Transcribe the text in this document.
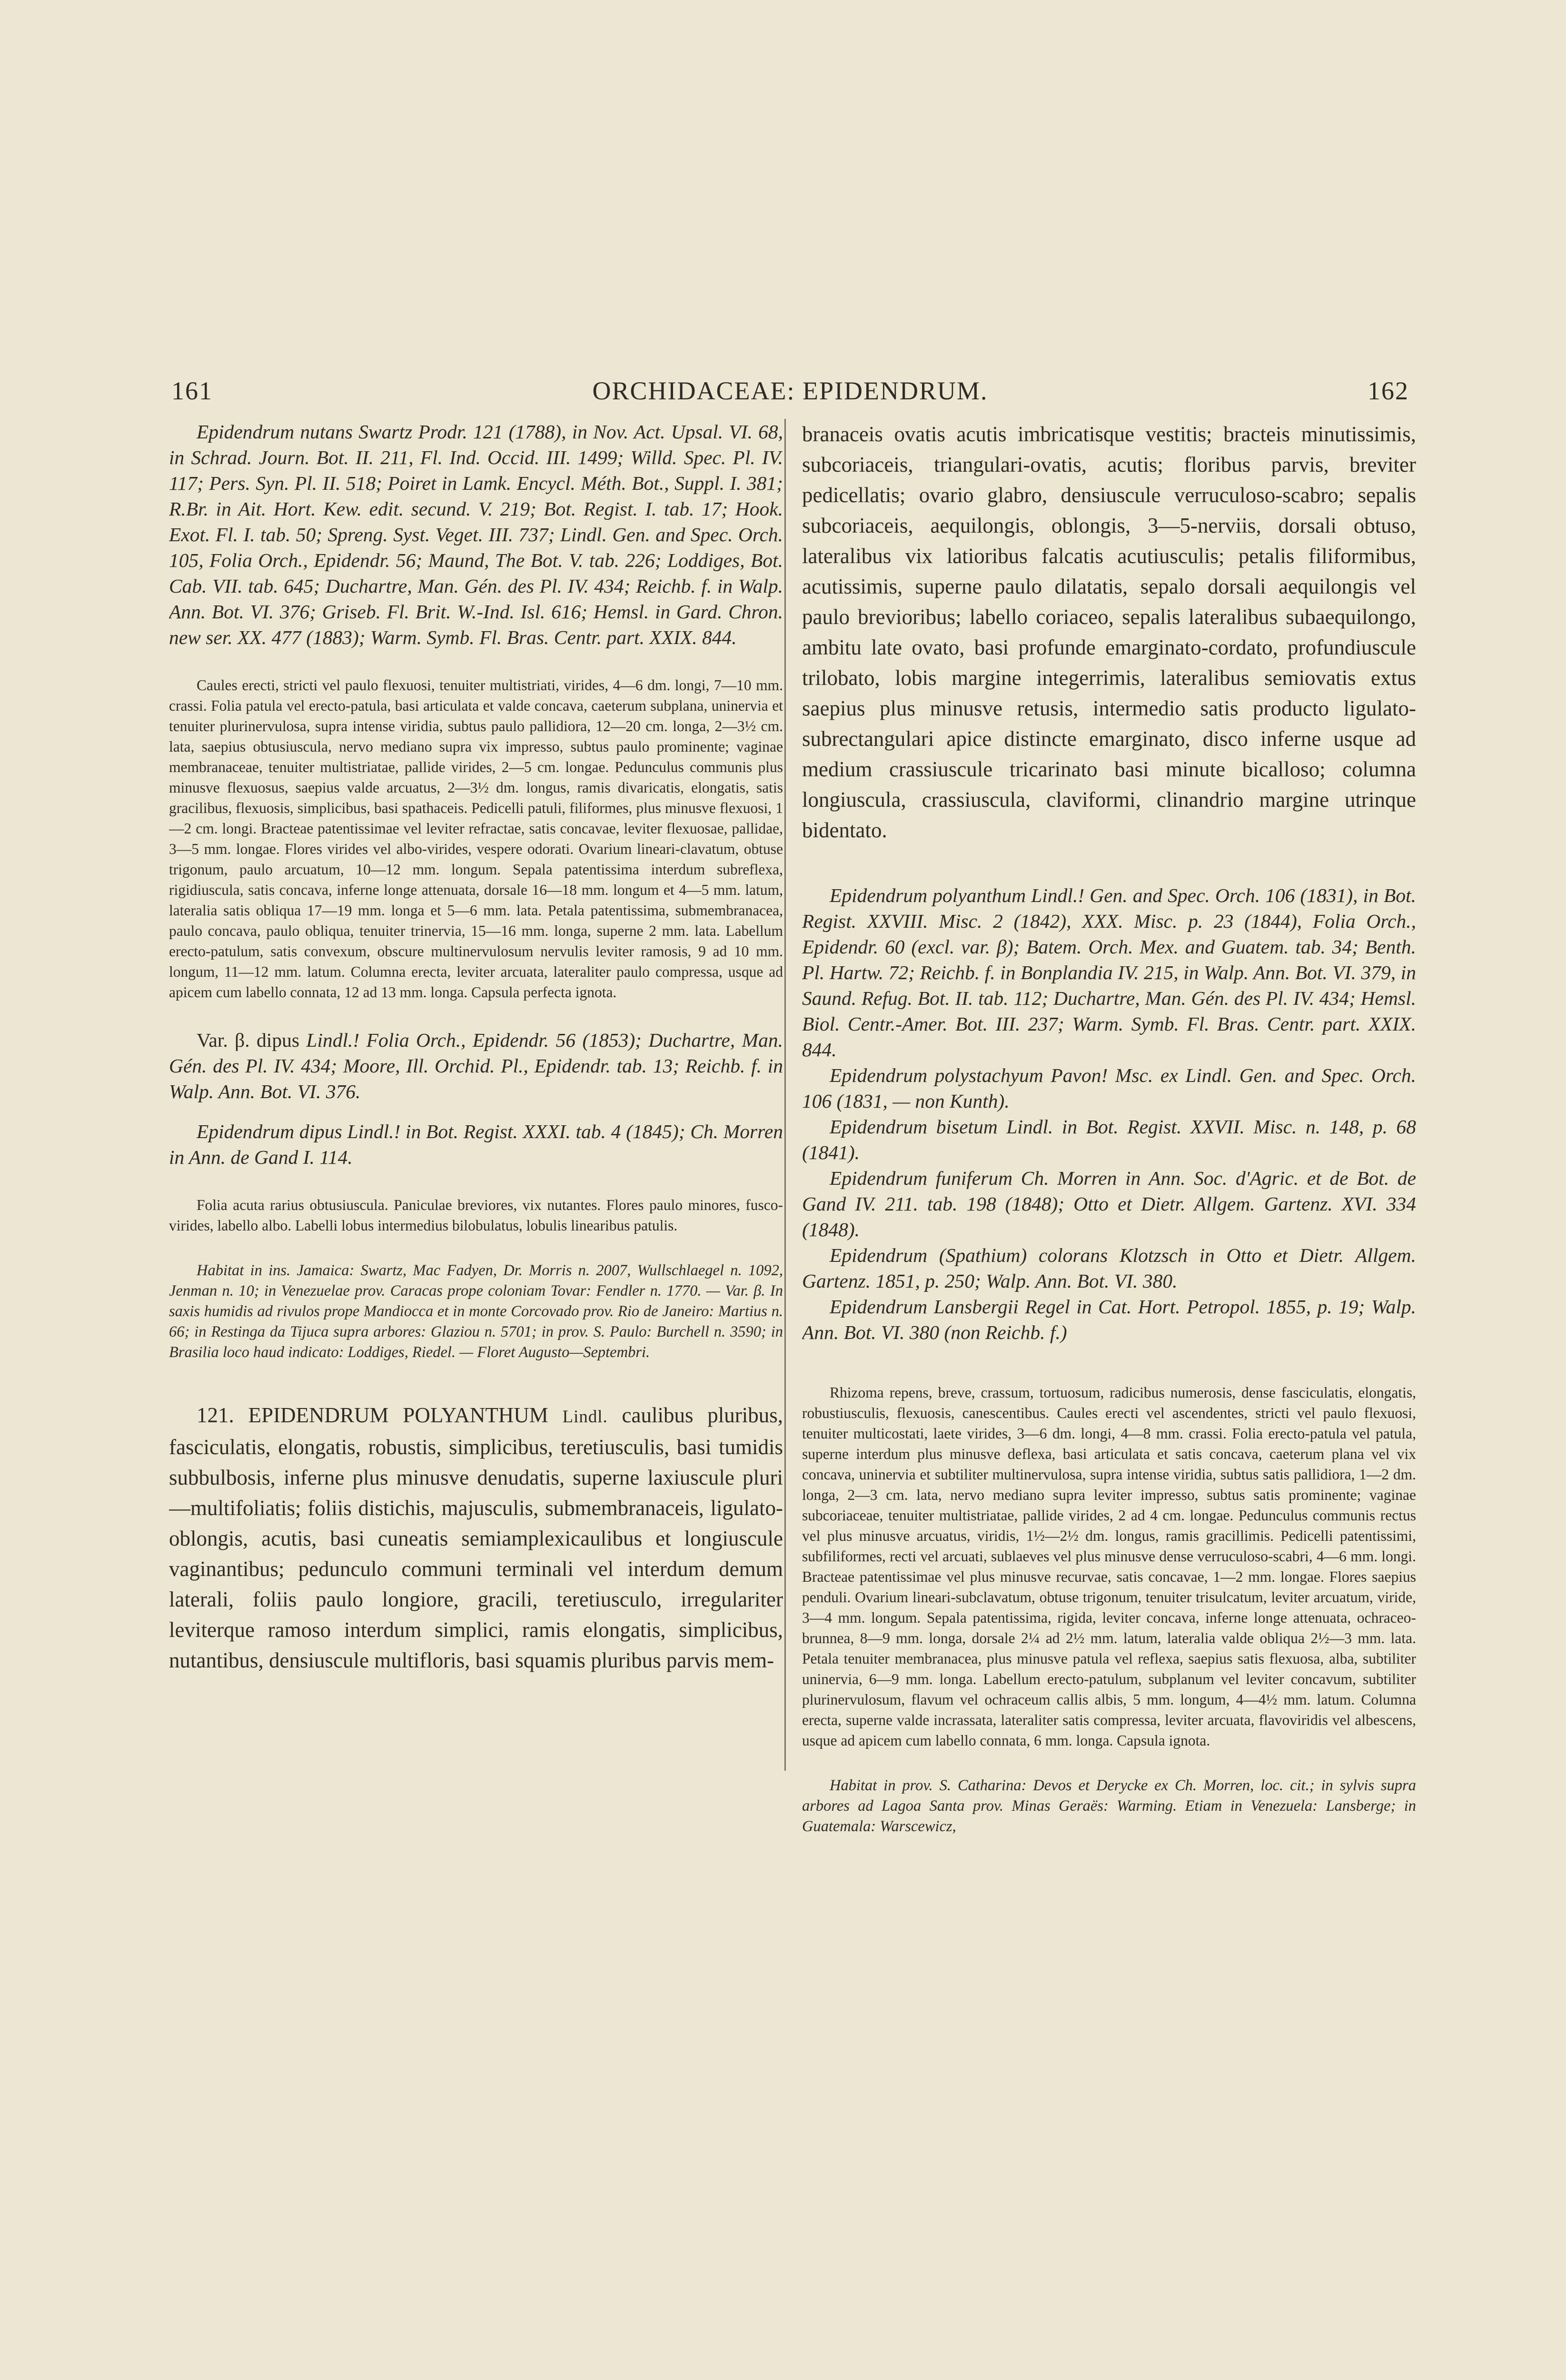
161	ORCHIDACEAE: EPIDENDRUM.	162

Epidendrum nutans Swartz Prodr. 121 (1788), in Nov. Act. Upsal. VI. 68, in Schrad. Journ. Bot. II. 211, Fl. Ind. Occid. III. 1499; Willd. Spec. Pl. IV. 117; Pers. Syn. Pl. II. 518; Poiret in Lamk. Encycl. Méth. Bot., Suppl. I. 381; R.Br. in Ait. Hort. Kew. edit. secund. V. 219; Bot. Regist. I. tab. 17; Hook. Exot. Fl. I. tab. 50; Spreng. Syst. Veget. III. 737; Lindl. Gen. and Spec. Orch. 105, Folia Orch., Epidendr. 56; Maund, The Bot. V. tab. 226; Loddiges, Bot. Cab. VII. tab. 645; Duchartre, Man. Gén. des Pl. IV. 434; Reichb. f. in Walp. Ann. Bot. VI. 376; Griseb. Fl. Brit. W.-Ind. Isl. 616; Hemsl. in Gard. Chron. new ser. XX. 477 (1883); Warm. Symb. Fl. Bras. Centr. part. XXIX. 844.

Caules erecti, stricti vel paulo flexuosi, tenuiter multistriati, virides, 4—6 dm. longi, 7—10 mm. crassi. Folia patula vel erecto-patula, basi articulata et valde concava, caeterum subplana, uninervia et tenuiter plurinervulosa, supra intense viridia, subtus paulo pallidiora, 12—20 cm. longa, 2—3½ cm. lata, saepius obtusiuscula, nervo mediano supra vix impresso, subtus paulo prominente; vaginae membranaceae, tenuiter multistriatae, pallide virides, 2—5 cm. longae. Pedunculus communis plus minusve flexuosus, saepius valde arcuatus, 2—3½ dm. longus, ramis divaricatis, elongatis, satis gracilibus, flexuosis, simplicibus, basi spathaceis. Pedicelli patuli, filiformes, plus minusve flexuosi, 1—2 cm. longi. Bracteae patentissimae vel leviter refractae, satis concavae, leviter flexuosae, pallidae, 3—5 mm. longae. Flores virides vel albo-virides, vespere odorati. Ovarium lineari-clavatum, obtuse trigonum, paulo arcuatum, 10—12 mm. longum. Sepala patentissima interdum subreflexa, rigidiuscula, satis concava, inferne longe attenuata, dorsale 16—18 mm. longum et 4—5 mm. latum, lateralia satis obliqua 17—19 mm. longa et 5—6 mm. lata. Petala patentissima, submembranacea, paulo concava, paulo obliqua, tenuiter trinervia, 15—16 mm. longa, superne 2 mm. lata. Labellum erecto-patulum, satis convexum, obscure multinervulosum nervulis leviter ramosis, 9 ad 10 mm. longum, 11—12 mm. latum. Columna erecta, leviter arcuata, lateraliter paulo compressa, usque ad apicem cum labello connata, 12 ad 13 mm. longa. Capsula perfecta ignota.

Var. β. dipus Lindl.! Folia Orch., Epidendr. 56 (1853); Duchartre, Man. Gén. des Pl. IV. 434; Moore, Ill. Orchid. Pl., Epidendr. tab. 13; Reichb. f. in Walp. Ann. Bot. VI. 376.

Epidendrum dipus Lindl.! in Bot. Regist. XXXI. tab. 4 (1845); Ch. Morren in Ann. de Gand I. 114.

Folia acuta rarius obtusiuscula. Paniculae breviores, vix nutantes. Flores paulo minores, fusco-virides, labello albo. Labelli lobus intermedius bilobulatus, lobulis linearibus patulis.

Habitat in ins. Jamaica: Swartz, Mac Fadyen, Dr. Morris n. 2007, Wullschlaegel n. 1092, Jenman n. 10; in Venezuelae prov. Caracas prope coloniam Tovar: Fendler n. 1770. — Var. β. In saxis humidis ad rivulos prope Mandiocca et in monte Corcovado prov. Rio de Janeiro: Martius n. 66; in Restinga da Tijuca supra arbores: Glaziou n. 5701; in prov. S. Paulo: Burchell n. 3590; in Brasilia loco haud indicato: Loddiges, Riedel. — Floret Augusto—Septembri.

121. EPIDENDRUM POLYANTHUM Lindl. caulibus pluribus, fasciculatis, elongatis, robustis, simplicibus, teretiusculis, basi tumidis subbulbosis, inferne plus minusve denudatis, superne laxiuscule pluri—multifoliatis; foliis distichis, majusculis, submembranaceis, ligulato-oblongis, acutis, basi cuneatis semiamplexicaulibus et longiuscule vaginantibus; pedunculo communi terminali vel interdum demum laterali, foliis paulo longiore, gracili, teretiusculo, irregulariter leviterque ramoso interdum simplici, ramis elongatis, simplicibus, nutantibus, densiuscule multifloris, basi squamis pluribus parvis mem-

branaceis ovatis acutis imbricatisque vestitis; bracteis minutissimis, subcoriaceis, triangulari-ovatis, acutis; floribus parvis, breviter pedicellatis; ovario glabro, densiuscule verruculoso-scabro; sepalis subcoriaceis, aequilongis, oblongis, 3—5-nerviis, dorsali obtuso, lateralibus vix latioribus falcatis acutiusculis; petalis filiformibus, acutissimis, superne paulo dilatatis, sepalo dorsali aequilongis vel paulo brevioribus; labello coriaceo, sepalis lateralibus subaequilongo, ambitu late ovato, basi profunde emarginato-cordato, profundiuscule trilobato, lobis margine integerrimis, lateralibus semiovatis extus saepius plus minusve retusis, intermedio satis producto ligulato-subrectangulari apice distincte emarginato, disco inferne usque ad medium crassiuscule tricarinato basi minute bicalloso; columna longiuscula, crassiuscula, claviformi, clinandrio margine utrinque bidentato.

Epidendrum polyanthum Lindl.! Gen. and Spec. Orch. 106 (1831), in Bot. Regist. XXVIII. Misc. 2 (1842), XXX. Misc. p. 23 (1844), Folia Orch., Epidendr. 60 (excl. var. β); Batem. Orch. Mex. and Guatem. tab. 34; Benth. Pl. Hartw. 72; Reichb. f. in Bonplandia IV. 215, in Walp. Ann. Bot. VI. 379, in Saund. Refug. Bot. II. tab. 112; Duchartre, Man. Gén. des Pl. IV. 434; Hemsl. Biol. Centr.-Amer. Bot. III. 237; Warm. Symb. Fl. Bras. Centr. part. XXIX. 844.

Epidendrum polystachyum Pavon! Msc. ex Lindl. Gen. and Spec. Orch. 106 (1831, — non Kunth).

Epidendrum bisetum Lindl. in Bot. Regist. XXVII. Misc. n. 148, p. 68 (1841).

Epidendrum funiferum Ch. Morren in Ann. Soc. d'Agric. et de Bot. de Gand IV. 211. tab. 198 (1848); Otto et Dietr. Allgem. Gartenz. XVI. 334 (1848).

Epidendrum (Spathium) colorans Klotzsch in Otto et Dietr. Allgem. Gartenz. 1851, p. 250; Walp. Ann. Bot. VI. 380.

Epidendrum Lansbergii Regel in Cat. Hort. Petropol. 1855, p. 19; Walp. Ann. Bot. VI. 380 (non Reichb. f.)

Rhizoma repens, breve, crassum, tortuosum, radicibus numerosis, dense fasciculatis, elongatis, robustiusculis, flexuosis, canescentibus. Caules erecti vel ascendentes, stricti vel paulo flexuosi, tenuiter multicostati, laete virides, 3—6 dm. longi, 4—8 mm. crassi. Folia erecto-patula vel patula, superne interdum plus minusve deflexa, basi articulata et satis concava, caeterum plana vel vix concava, uninervia et subtiliter multinervulosa, supra intense viridia, subtus satis pallidiora, 1—2 dm. longa, 2—3 cm. lata, nervo mediano supra leviter impresso, subtus satis prominente; vaginae subcoriaceae, tenuiter multistriatae, pallide virides, 2 ad 4 cm. longae. Pedunculus communis rectus vel plus minusve arcuatus, viridis, 1½—2½ dm. longus, ramis gracillimis. Pedicelli patentissimi, subfiliformes, recti vel arcuati, sublaeves vel plus minusve dense verruculoso-scabri, 4—6 mm. longi. Bracteae patentissimae vel plus minusve recurvae, satis concavae, 1—2 mm. longae. Flores saepius penduli. Ovarium lineari-subclavatum, obtuse trigonum, tenuiter trisulcatum, leviter arcuatum, viride, 3—4 mm. longum. Sepala patentissima, rigida, leviter concava, inferne longe attenuata, ochraceo-brunnea, 8—9 mm. longa, dorsale 2¼ ad 2½ mm. latum, lateralia valde obliqua 2½—3 mm. lata. Petala tenuiter membranacea, plus minusve patula vel reflexa, saepius satis flexuosa, alba, subtiliter uninervia, 6—9 mm. longa. Labellum erecto-patulum, subplanum vel leviter concavum, subtiliter plurinervulosum, flavum vel ochraceum callis albis, 5 mm. longum, 4—4½ mm. latum. Columna erecta, superne valde incrassata, lateraliter satis compressa, leviter arcuata, flavoviridis vel albescens, usque ad apicem cum labello connata, 6 mm. longa. Capsula ignota.

Habitat in prov. S. Catharina: Devos et Derycke ex Ch. Morren, loc. cit.; in sylvis supra arbores ad Lagoa Santa prov. Minas Geraës: Warming. Etiam in Venezuela: Lansberge; in Guatemala: Warscewicz,
